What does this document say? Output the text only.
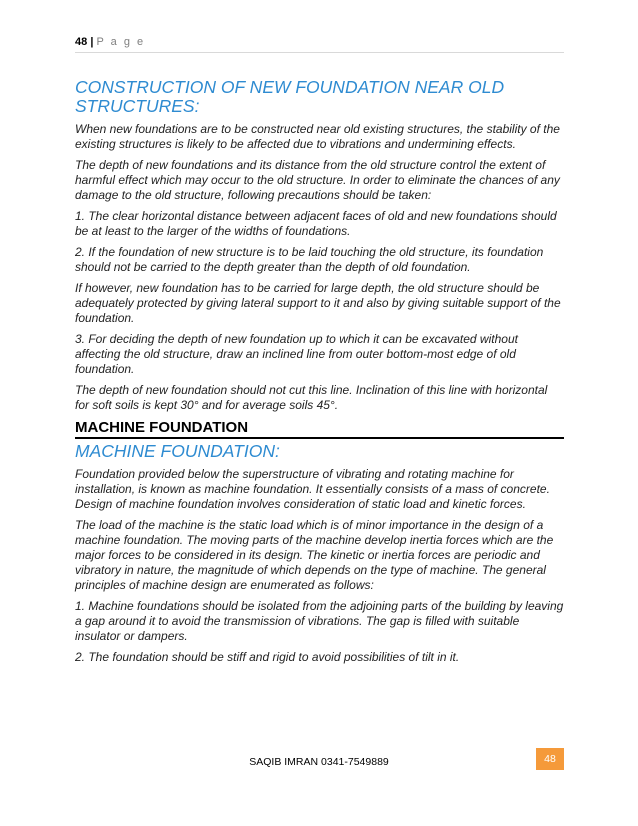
48 | P a g e
CONSTRUCTION OF NEW FOUNDATION NEAR OLD STRUCTURES:

When new foundations are to be constructed near old existing structures, the stability of the existing structures is likely to be affected due to vibrations and undermining effects.

The depth of new foundations and its distance from the old structure control the extent of harmful effect which may occur to the old structure. In order to eliminate the chances of any damage to the old structure, following precautions should be taken:

1. The clear horizontal distance between adjacent faces of old and new foundations should be at least to the larger of the widths of foundations.

2. If the foundation of new structure is to be laid touching the old structure, its foundation should not be carried to the depth greater than the depth of old foundation.

If however, new foundation has to be carried for large depth, the old structure should be adequately protected by giving lateral support to it and also by giving suitable support of the foundation.

3. For deciding the depth of new foundation up to which it can be excavated without affecting the old structure, draw an inclined line from outer bottom-most edge of old foundation.

The depth of new foundation should not cut this line. Inclination of this line with horizontal for soft soils is kept 30° and for average soils 45°.

MACHINE FOUNDATION
MACHINE FOUNDATION:

Foundation provided below the superstructure of vibrating and rotating machine for installation, is known as machine foundation. It essentially consists of a mass of concrete. Design of machine foundation involves consideration of static load and kinetic forces.

The load of the machine is the static load which is of minor importance in the design of a machine foundation. The moving parts of the machine develop inertia forces which are the major forces to be considered in its design. The kinetic or inertia forces are periodic and vibratory in nature, the magnitude of which depends on the type of machine. The general principles of machine design are enumerated as follows:

1. Machine foundations should be isolated from the adjoining parts of the building by leaving a gap around it to avoid the transmission of vibrations. The gap is filled with suitable insulator or dampers.

2. The foundation should be stiff and rigid to avoid possibilities of tilt in it.

SAQIB IMRAN 0341-7549889	48
